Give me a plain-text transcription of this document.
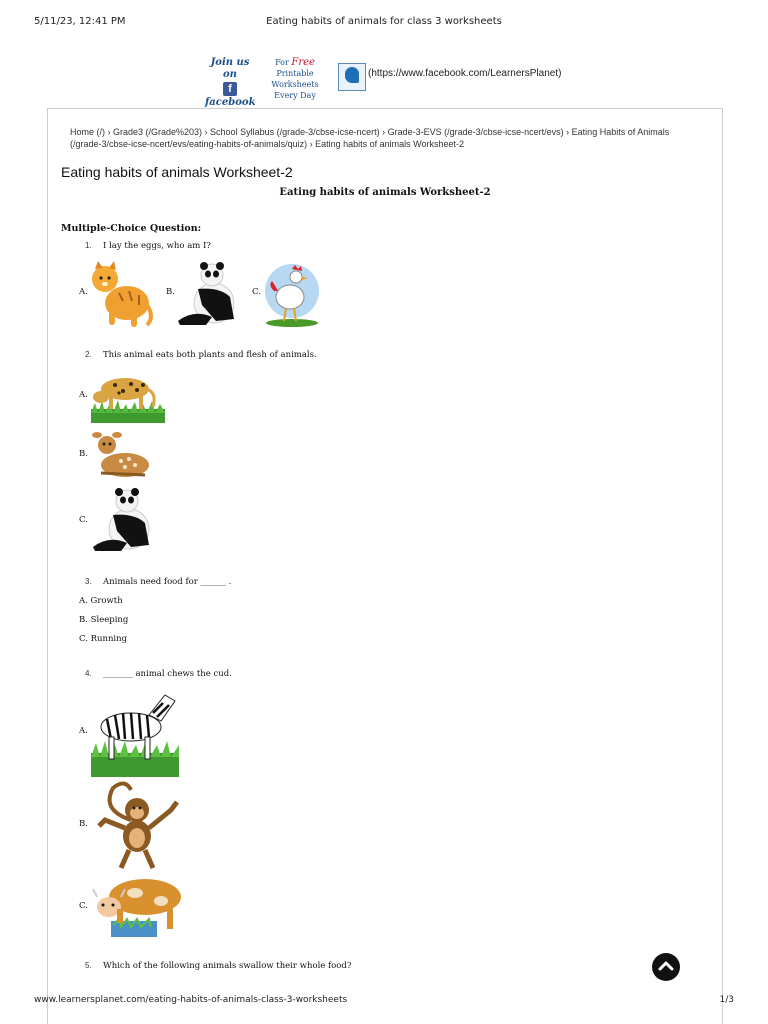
5/11/23, 12:41 PM	Eating habits of animals for class 3 worksheets
Join us on
f
facebook
For Free
Printable Worksheets
Every Day
(https://www.facebook.com/LearnersPlanet)
Home (/) › Grade3 (/Grade%203) › School Syllabus (/grade-3/cbse-icse-ncert) › Grade-3-EVS (/grade-3/cbse-icse-ncert/evs) › Eating Habits of Animals (/grade-3/cbse-icse-ncert/evs/eating-habits-of-animals/quiz) › Eating habits of animals Worksheet-2
Eating habits of animals Worksheet-2
Eating habits of animals Worksheet-2
Multiple-Choice Question:
1. I lay the eggs, who am I?
A.	B.	C.
2. This animal eats both plants and flesh of animals.
A.
B.
C.
3. Animals need food for ______ .
A. Growth
B. Sleeping
C. Running
4. _______ animal chews the cud.
A.
B.
C.
5. Which of the following animals swallow their whole food?
www.learnersplanet.com/eating-habits-of-animals-class-3-worksheets	1/3
